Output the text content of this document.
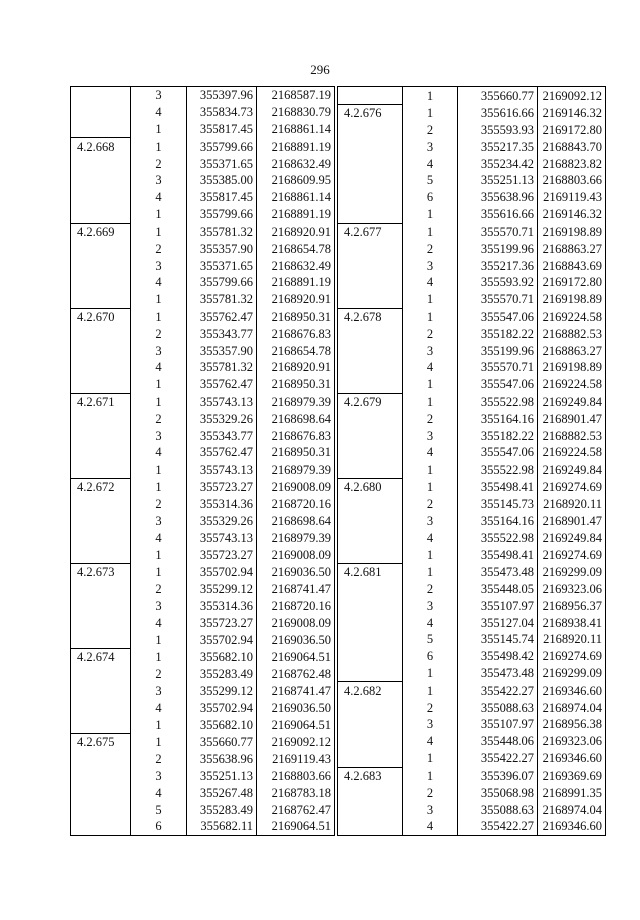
296
	3	355397.96	2168587.19
	4	355834.73	2168830.79
	1	355817.45	2168861.14
4.2.668	1	355799.66	2168891.19
	2	355371.65	2168632.49
	3	355385.00	2168609.95
	4	355817.45	2168861.14
	1	355799.66	2168891.19
4.2.669	1	355781.32	2168920.91
	2	355357.90	2168654.78
	3	355371.65	2168632.49
	4	355799.66	2168891.19
	1	355781.32	2168920.91
4.2.670	1	355762.47	2168950.31
	2	355343.77	2168676.83
	3	355357.90	2168654.78
	4	355781.32	2168920.91
	1	355762.47	2168950.31
4.2.671	1	355743.13	2168979.39
	2	355329.26	2168698.64
	3	355343.77	2168676.83
	4	355762.47	2168950.31
	1	355743.13	2168979.39
4.2.672	1	355723.27	2169008.09
	2	355314.36	2168720.16
	3	355329.26	2168698.64
	4	355743.13	2168979.39
	1	355723.27	2169008.09
4.2.673	1	355702.94	2169036.50
	2	355299.12	2168741.47
	3	355314.36	2168720.16
	4	355723.27	2169008.09
	1	355702.94	2169036.50
4.2.674	1	355682.10	2169064.51
	2	355283.49	2168762.48
	3	355299.12	2168741.47
	4	355702.94	2169036.50
	1	355682.10	2169064.51
4.2.675	1	355660.77	2169092.12
	2	355638.96	2169119.43
	3	355251.13	2168803.66
	4	355267.48	2168783.18
	5	355283.49	2168762.47
	6	355682.11	2169064.51
	1	355660.77	2169092.12
4.2.676	1	355616.66	2169146.32
	2	355593.93	2169172.80
	3	355217.35	2168843.70
	4	355234.42	2168823.82
	5	355251.13	2168803.66
	6	355638.96	2169119.43
	1	355616.66	2169146.32
4.2.677	1	355570.71	2169198.89
	2	355199.96	2168863.27
	3	355217.36	2168843.69
	4	355593.92	2169172.80
	1	355570.71	2169198.89
4.2.678	1	355547.06	2169224.58
	2	355182.22	2168882.53
	3	355199.96	2168863.27
	4	355570.71	2169198.89
	1	355547.06	2169224.58
4.2.679	1	355522.98	2169249.84
	2	355164.16	2168901.47
	3	355182.22	2168882.53
	4	355547.06	2169224.58
	1	355522.98	2169249.84
4.2.680	1	355498.41	2169274.69
	2	355145.73	2168920.11
	3	355164.16	2168901.47
	4	355522.98	2169249.84
	1	355498.41	2169274.69
4.2.681	1	355473.48	2169299.09
	2	355448.05	2169323.06
	3	355107.97	2168956.37
	4	355127.04	2168938.41
	5	355145.74	2168920.11
	6	355498.42	2169274.69
	1	355473.48	2169299.09
4.2.682	1	355422.27	2169346.60
	2	355088.63	2168974.04
	3	355107.97	2168956.38
	4	355448.06	2169323.06
	1	355422.27	2169346.60
4.2.683	1	355396.07	2169369.69
	2	355068.98	2168991.35
	3	355088.63	2168974.04
	4	355422.27	2169346.60
